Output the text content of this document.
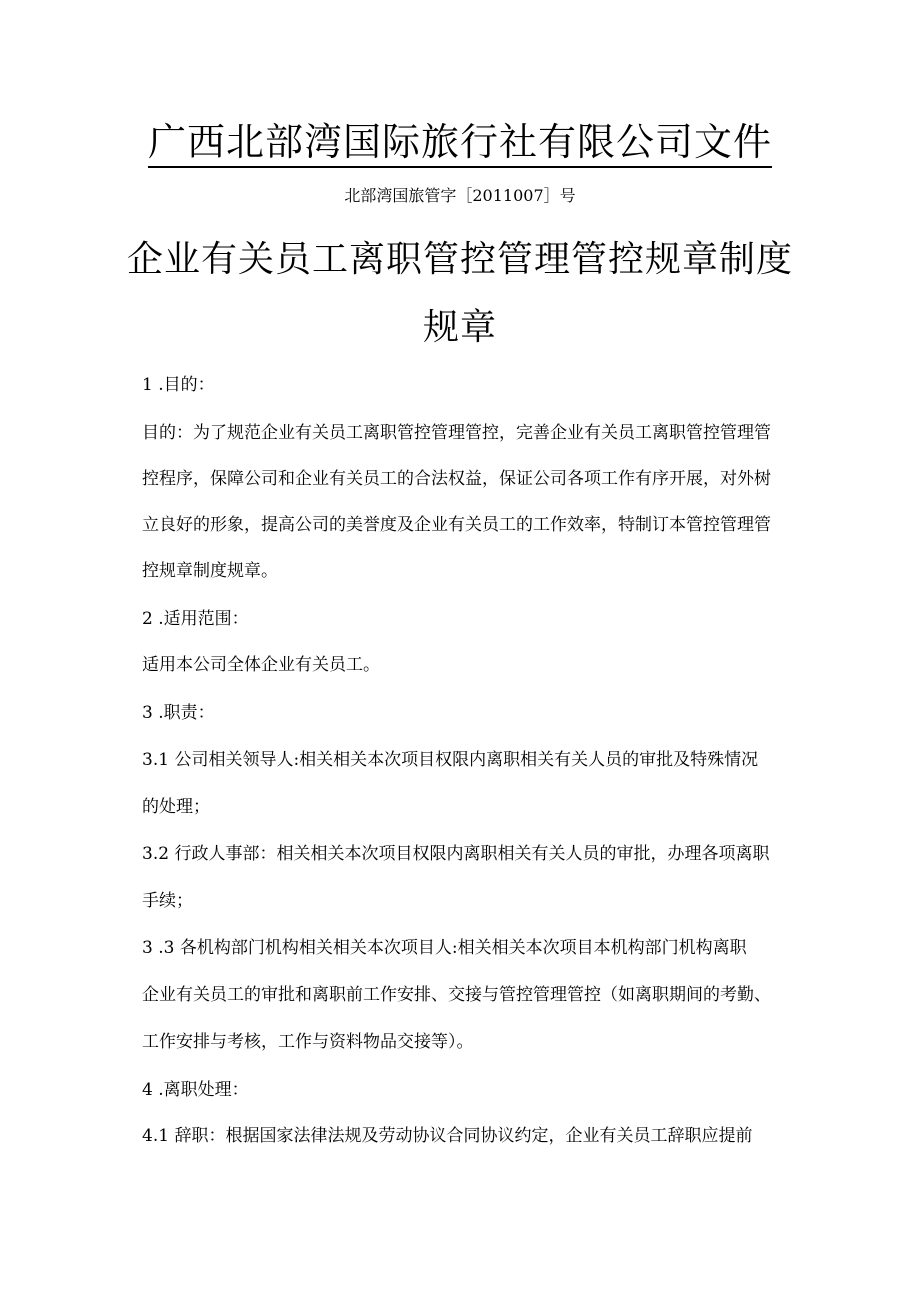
广西北部湾国际旅行社有限公司文件
北部湾国旅管字［2011007］号
企业有关员工离职管控管理管控规章制度
规章
1 .目的：
目的：为了规范企业有关员工离职管控管理管控，完善企业有关员工离职管控管理管
控程序，保障公司和企业有关员工的合法权益，保证公司各项工作有序开展，对外树
立良好的形象，提高公司的美誉度及企业有关员工的工作效率，特制订本管控管理管
控规章制度规章。
2 .适用范围：
适用本公司全体企业有关员工。
3 .职责：
3.1 公司相关领导人:相关相关本次项目权限内离职相关有关人员的审批及特殊情况
的处理；
3.2 行政人事部：相关相关本次项目权限内离职相关有关人员的审批，办理各项离职
手续；
3 .3 各机构部门机构相关相关本次项目人:相关相关本次项目本机构部门机构离职
企业有关员工的审批和离职前工作安排、交接与管控管理管控（如离职期间的考勤、
工作安排与考核，工作与资料物品交接等）。
4 .离职处理：
4.1 辞职：根据国家法律法规及劳动协议合同协议约定，企业有关员工辞职应提前
